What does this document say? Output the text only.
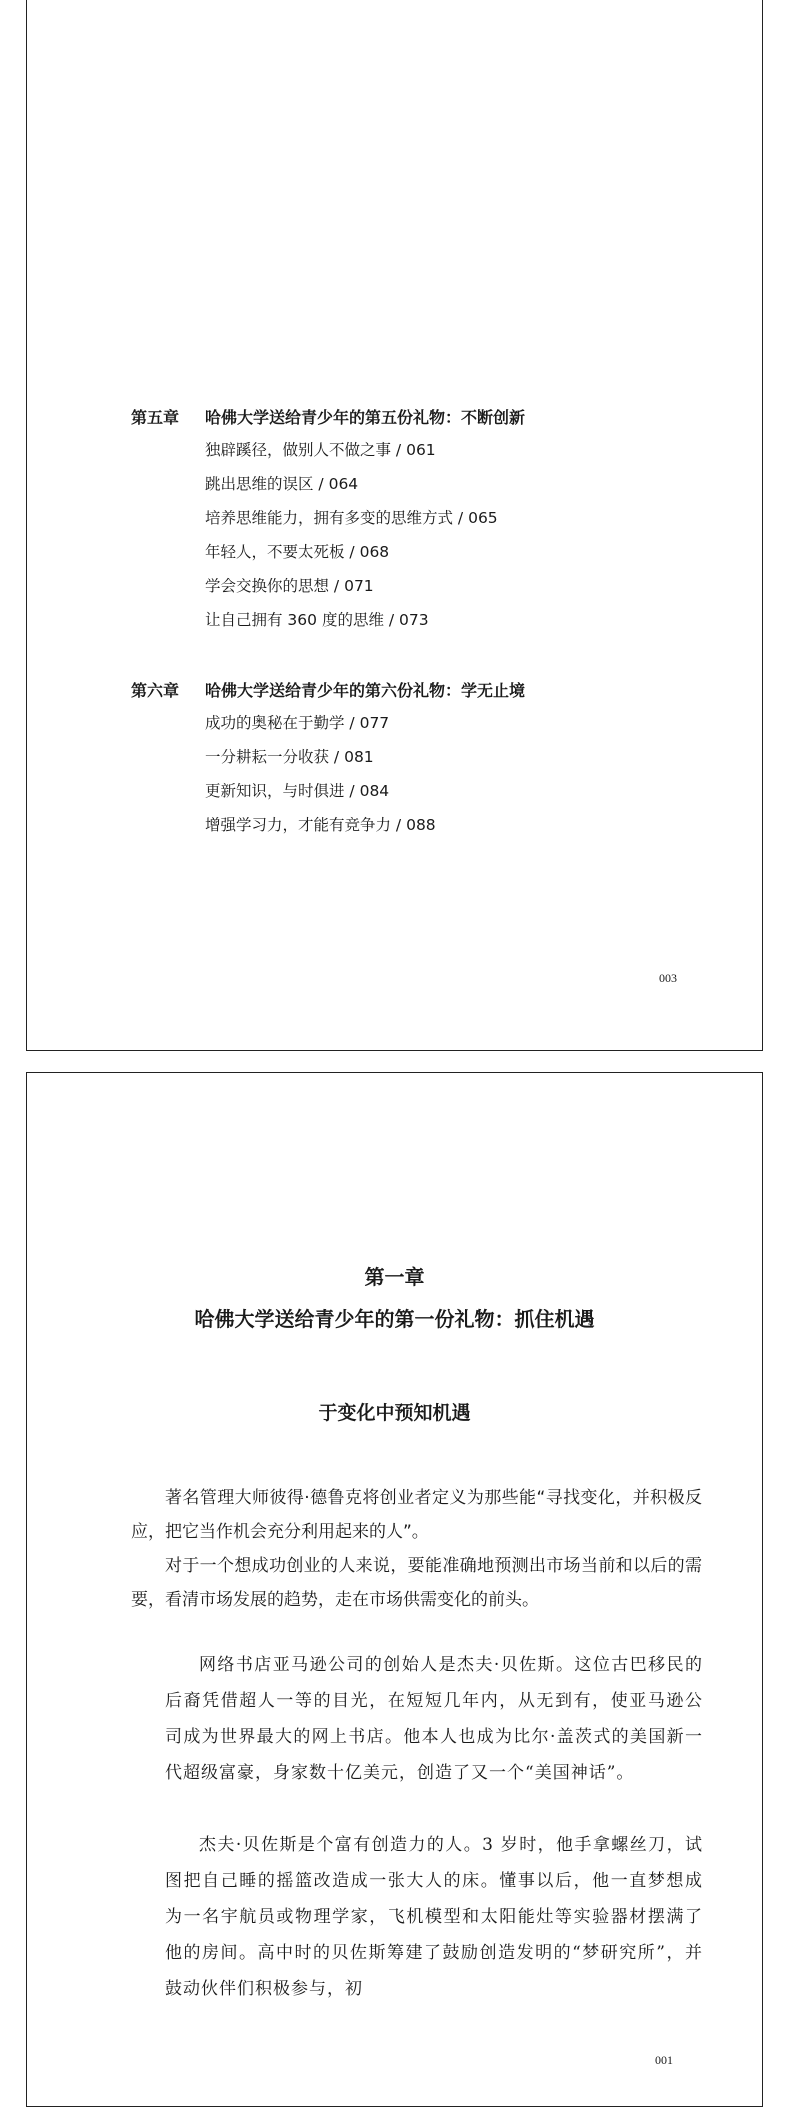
第五章 哈佛大学送给青少年的第五份礼物：不断创新
独辟蹊径，做别人不做之事 / 061
跳出思维的误区 / 064
培养思维能力，拥有多变的思维方式 / 065
年轻人，不要太死板 / 068
学会交换你的思想 / 071
让自己拥有 360 度的思维 / 073
第六章 哈佛大学送给青少年的第六份礼物：学无止境
成功的奥秘在于勤学 / 077
一分耕耘一分收获 / 081
更新知识，与时俱进 / 084
增强学习力，才能有竞争力 / 088
003
第一章
哈佛大学送给青少年的第一份礼物：抓住机遇
于变化中预知机遇

著名管理大师彼得·德鲁克将创业者定义为那些能“寻找变化，并积极反应，把它当作机会充分利用起来的人”。

对于一个想成功创业的人来说，要能准确地预测出市场当前和以后的需要，看清市场发展的趋势，走在市场供需变化的前头。

网络书店亚马逊公司的创始人是杰夫·贝佐斯。这位古巴移民的后裔凭借超人一等的目光，在短短几年内，从无到有，使亚马逊公司成为世界最大的网上书店。他本人也成为比尔·盖茨式的美国新一代超级富豪，身家数十亿美元，创造了又一个“美国神话”。

杰夫·贝佐斯是个富有创造力的人。3 岁时，他手拿螺丝刀，试图把自己睡的摇篮改造成一张大人的床。懂事以后，他一直梦想成为一名宇航员或物理学家，飞机模型和太阳能灶等实验器材摆满了他的房间。高中时的贝佐斯筹建了鼓励创造发明的“梦研究所”，并鼓动伙伴们积极参与，初

001
